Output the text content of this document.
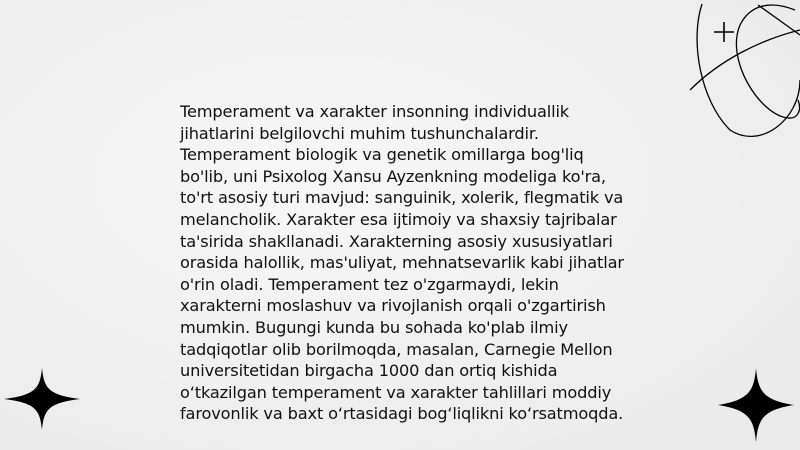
Temperament va xarakter insonning individuallik jihatlarini belgilovchi muhim tushunchalardir. Temperament biologik va genetik omillarga bog'liq bo'lib, uni Psixolog Xansu Ayzenkning modeliga ko'ra, to'rt asosiy turi mavjud: sanguinik, xolerik, flegmatik va melancholik. Xarakter esa ijtimoiy va shaxsiy tajribalar ta'sirida shakllanadi. Xarakterning asosiy xususiyatlari orasida halollik, mas'uliyat, mehnatsevarlik kabi jihatlar o'rin oladi. Temperament tez o'zgarmaydi, lekin xarakterni moslashuv va rivojlanish orqali o'zgartirish mumkin. Bugungi kunda bu sohada ko'plab ilmiy tadqiqotlar olib borilmoqda, masalan, Carnegie Mellon universitetidan birgacha 1000 dan ortiq kishida o‘tkazilgan temperament va xarakter tahlillari moddiy farovonlik va baxt o‘rtasidagi bog‘liqlikni ko‘rsatmoqda.
